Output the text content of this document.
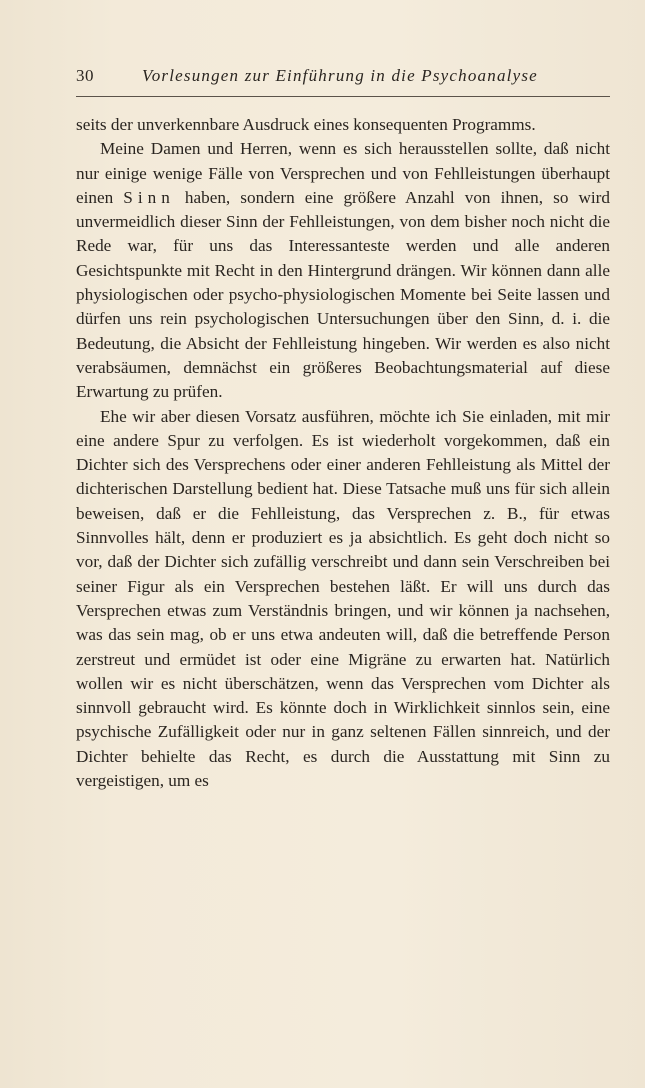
30	Vorlesungen zur Einführung in die Psychoanalyse

seits der unverkennbare Ausdruck eines konsequenten Programms.

Meine Damen und Herren, wenn es sich herausstellen sollte, daß nicht nur einige wenige Fälle von Versprechen und von Fehlleistungen überhaupt einen Sinn haben, sondern eine größere Anzahl von ihnen, so wird unvermeidlich dieser Sinn der Fehlleistungen, von dem bisher noch nicht die Rede war, für uns das Interessanteste werden und alle anderen Gesichtspunkte mit Recht in den Hintergrund drängen. Wir können dann alle physiologischen oder psycho-physiologischen Momente bei Seite lassen und dürfen uns rein psychologischen Untersuchungen über den Sinn, d. i. die Bedeutung, die Absicht der Fehlleistung hingeben. Wir werden es also nicht verabsäumen, demnächst ein größeres Beobachtungsmaterial auf diese Erwartung zu prüfen.

Ehe wir aber diesen Vorsatz ausführen, möchte ich Sie einladen, mit mir eine andere Spur zu verfolgen. Es ist wiederholt vorgekommen, daß ein Dichter sich des Versprechens oder einer anderen Fehlleistung als Mittel der dichterischen Darstellung bedient hat. Diese Tatsache muß uns für sich allein beweisen, daß er die Fehlleistung, das Versprechen z. B., für etwas Sinnvolles hält, denn er produziert es ja absichtlich. Es geht doch nicht so vor, daß der Dichter sich zufällig verschreibt und dann sein Verschreiben bei seiner Figur als ein Versprechen bestehen läßt. Er will uns durch das Versprechen etwas zum Verständnis bringen, und wir können ja nachsehen, was das sein mag, ob er uns etwa andeuten will, daß die betreffende Person zerstreut und ermüdet ist oder eine Migräne zu erwarten hat. Natürlich wollen wir es nicht überschätzen, wenn das Versprechen vom Dichter als sinnvoll gebraucht wird. Es könnte doch in Wirklichkeit sinnlos sein, eine psychische Zufälligkeit oder nur in ganz seltenen Fällen sinnreich, und der Dichter behielte das Recht, es durch die Ausstattung mit Sinn zu vergeistigen, um es
